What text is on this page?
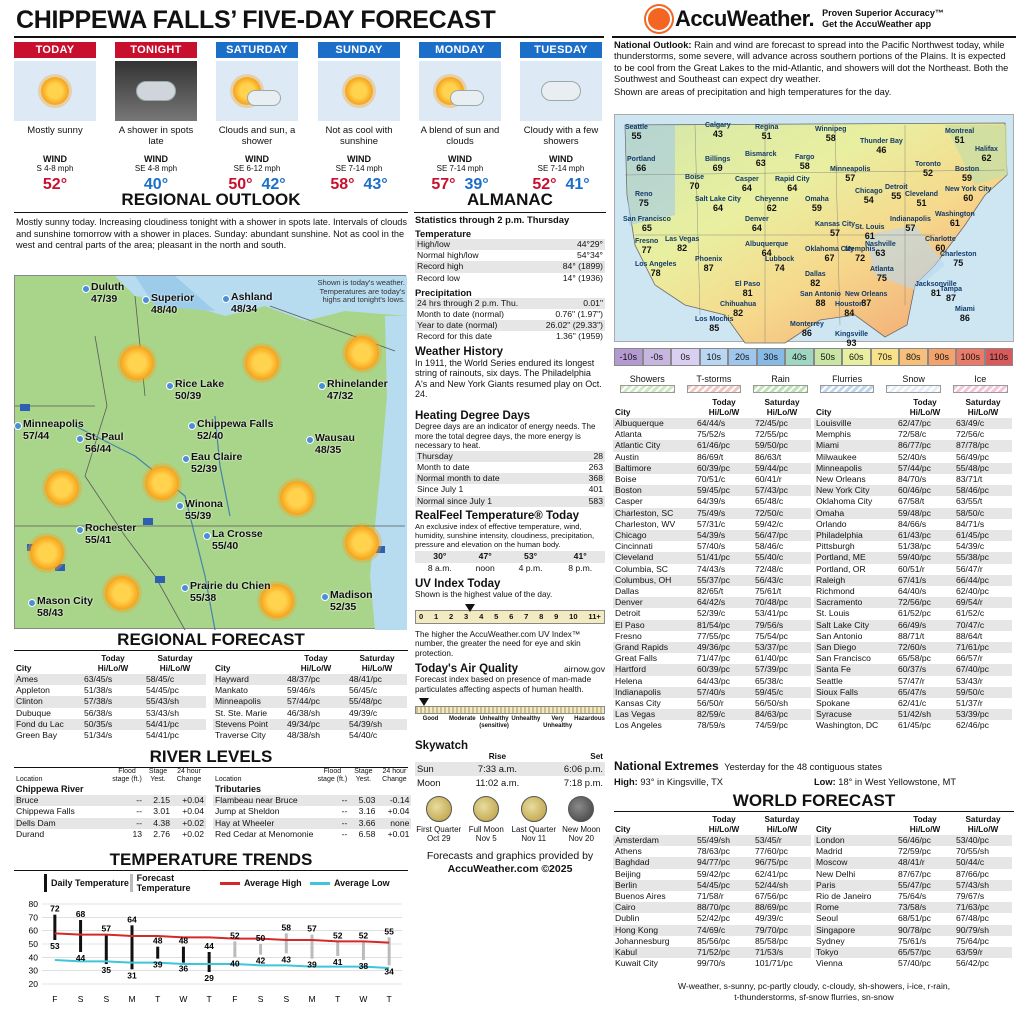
CHIPPEWA FALLS’ FIVE-DAY FORECAST	AccuWeather. Proven Superior Accuracy™
Get the AccuWeather app
TODAY
Mostly sunny
WIND
S 4-8 mph
52°
TONIGHT
A shower in spots late
WIND
SE 4-8 mph
40°
SATURDAY
Clouds and sun, a shower
WIND
SE 6-12 mph
50° 42°
SUNDAY
Not as cool with sunshine
WIND
SE 7-14 mph
58° 43°
MONDAY
A blend of sun and clouds
WIND
SE 7-14 mph
57° 39°
TUESDAY
Cloudy with a few showers
WIND
SE 7-14 mph
52° 41°
National Outlook: Rain and wind are forecast to spread into the Pacific Northwest today, while thunderstorms, some severe, will advance across southern portions of the Plains. It is expected to be cool from the Great Lakes to the mid-Atlantic, and showers will dot the Northeast. Both the Southwest and Southeast can expect dry weather.
Shown are areas of precipitation and high temperatures for the day.
Seattle
55
Calgary
43
Regina
51
Winnipeg
58	Thunder Bay
46
Montreal
51
Halifax
62
Portland
66
Billings
69
Bismarck
63
Fargo
58	Minneapolis
57
Toronto
52
Boise
70
Casper
64
Rapid City
64	Detroit
55
Boston
59
Reno
75	Salt Lake City
64
Cheyenne
62
Omaha
59
Chicago
54
Cleveland
51
New York City
60
San Francisco
65
Denver
64	Kansas City
57
St. Louis
61
Indianapolis
57
Washington
61
Fresno
77
Las Vegas
82	Albuquerque
64	Oklahoma City
67
Nashville
63
Charlotte
60
Los Angeles
78
Phoenix
87
El Paso
81
Dallas
82
Atlanta
75
Lubbock
74
New Orleans
87
Jacksonville
81
San Antonio
88	Houston
84	Miami
86
Chihuahua
82
Monterrey
86
Los Mochis
85
Tampa
87
Charleston
75
Kingsville
93
Memphis
72
-10s	-0s	0s	10s	20s	30s	40s	50s	60s	70s	80s	90s	100s	110s
Showers	T-storms	Rain	Flurries	Snow	Ice
REGIONAL OUTLOOK
Mostly sunny today. Increasing cloudiness tonight with a shower in spots late. Intervals of clouds and sunshine tomorrow with a shower in places. Sunday: abundant sunshine. Not as cool in the west and central parts of the area; pleasant in the north and south.
Shown is today's weather. Temperatures are today's highs and tonight's lows.
Duluth
47/39	Superior
48/40
Ashland
48/34
Rice Lake
50/39
Rhinelander
47/32
Minneapolis
57/44	St. Paul
56/44
Chippewa Falls
52/40
Eau Claire
52/39
Wausau
48/35
Winona
55/39
Rochester
55/41	La Crosse
55/40
Prairie du Chien
55/38
Mason City
58/43
Madison
52/35
REGIONAL FORECAST
	Today	Saturday
City	Hi/Lo/W	Hi/Lo/W
Ames	63/45/s	58/45/c
Appleton	51/38/s	54/45/pc
Clinton	57/38/s	55/43/sh
Dubuque	56/38/s	53/43/sh
Fond du Lac	50/35/s	54/41/pc
Green Bay	51/34/s	54/41/pc
	Today	Saturday
City	Hi/Lo/W	Hi/Lo/W
Hayward	48/37/pc	48/41/pc
Mankato	59/46/s	56/45/c
Minneapolis	57/44/pc	55/48/pc
St. Ste. Marie	46/38/sh	49/39/c
Stevens Point	49/34/pc	54/39/sh
Traverse City	48/38/sh	54/40/c
RIVER LEVELS
Location	Flood stage (ft.)	Stage Yest.	24 hour Change
Chippewa River			
Bruce	--	2.15	+0.04
Chippewa Falls	--	3.01	+0.04
Dells Dam	--	4.38	+0.02
Durand	13	2.76	+0.02
Location	Flood stage (ft.)	Stage Yest.	24 hour Change
Tributaries			
Flambeau near Bruce	--	5.03	-0.14
Jump at Sheldon	--	3.16	+0.04
Hay at Wheeler	--	3.66	none
Red Cedar at Menomonie	--	6.58	+0.01
TEMPERATURE TRENDS
Daily Temperature Forecast Temperature	Average High	Average Low
20
30
40
50
60
70
80 72
53
F
68
44
S
57
35
S
64
31
M
48
39
T
48
36
W
44
29
T
52
40
F
50
42
S
58
43
S
57
39
M
52
41
T
52
38
W
55
34
T
ALMANAC
Statistics through 2 p.m. Thursday
Temperature
High/low	44°29°
Normal high/low	54°34°
Record high	84° (1899)
Record low	14° (1936)
Precipitation
24 hrs through 2 p.m. Thu.	0.01"
Month to date (normal)	0.76" (1.97")
Year to date (normal)	26.02" (29.33")
Record for this date	1.36" (1959)
Weather History
In 1911, the World Series endured its longest string of rainouts, six days. The Philadelphia A's and New York Giants resumed play on Oct. 24.
Heating Degree Days
Degree days are an indicator of energy needs. The more the total degree days, the more energy is necessary to heat.
Thursday	28
Month to date	263
Normal month to date	368
Since July 1	401
Normal since July 1	583
RealFeel Temperature® Today
An exclusive index of effective temperature, wind, humidity, sunshine intensity, cloudiness, precipitation, pressure and elevation on the human body.
30°	47°	53°	41°
8 a.m.	noon	4 p.m.	8 p.m.
UV Index Today
Shown is the highest value of the day.
0 1 2 3 4 5 6 7 8 9 10 11+
The higher the AccuWeather.com UV Index™ number, the greater the need for eye and skin protection.
Today's Air Quality	airnow.gov
Forecast index based on presence of man-made particulates affecting aspects of human health.
Good	Moderate Unhealthy (sensitive)
Unhealthy	Very Unhealthy
Hazardous
Skywatch
	Rise	Set
Sun	7:33 a.m.	6:06 p.m.
Moon	11:02 a.m.	7:18 p.m.
First Quarter
Oct 29
Full Moon
Nov 5
Last Quarter
Nov 11
New Moon
Nov 20
Forecasts and graphics provided by
AccuWeather.com ©2025
	Today	Saturday
City	Hi/Lo/W	Hi/Lo/W
Albuquerque	64/44/s	72/45/pc
Atlanta	75/52/s	72/55/pc
Atlantic City	61/46/pc	59/50/pc
Austin	86/69/t	86/63/t
Baltimore	60/39/pc	59/44/pc
Boise	70/51/c	60/41/r
Boston	59/45/pc	57/43/pc
Casper	64/39/s	65/48/c
Charleston, SC	75/49/s	72/50/c
Charleston, WV	57/31/c	59/42/c
Chicago	54/39/s	56/47/pc
Cincinnati	57/40/s	58/46/c
Cleveland	51/41/pc	55/40/c
Columbia, SC	74/43/s	72/48/c
Columbus, OH	55/37/pc	56/43/c
Dallas	82/65/t	75/61/t
Denver	64/42/s	70/48/pc
Detroit	52/39/c	53/41/pc
El Paso	81/54/pc	79/56/s
Fresno	77/55/pc	75/54/pc
Grand Rapids	49/36/pc	53/37/pc
Great Falls	71/47/pc	61/40/pc
Hartford	60/39/pc	57/39/pc
Helena	64/43/pc	65/38/c
Indianapolis	57/40/s	59/45/c
Kansas City	56/50/r	56/50/sh
Las Vegas	82/59/c	84/63/pc
Los Angeles	78/59/s	74/59/pc
	Today	Saturday
City	Hi/Lo/W	Hi/Lo/W
Louisville	62/47/pc	63/49/c
Memphis	72/58/c	72/56/c
Miami	86/77/pc	87/78/pc
Milwaukee	52/40/s	56/49/pc
Minneapolis	57/44/pc	55/48/pc
New Orleans	84/70/s	83/71/t
New York City	60/46/pc	58/46/pc
Oklahoma City	67/58/t	63/55/t
Omaha	59/48/pc	58/50/c
Orlando	84/66/s	84/71/s
Philadelphia	61/43/pc	61/45/pc
Pittsburgh	51/38/pc	54/39/c
Portland, ME	59/40/pc	55/38/pc
Portland, OR	60/51/r	56/47/r
Raleigh	67/41/s	66/44/pc
Richmond	64/40/s	62/40/pc
Sacramento	72/56/pc	69/54/r
St. Louis	61/52/pc	61/52/c
Salt Lake City	66/49/s	70/47/c
San Antonio	88/71/t	88/64/t
San Diego	72/60/s	71/61/pc
San Francisco	65/58/pc	66/57/r
Santa Fe	60/37/s	67/40/pc
Seattle	57/47/r	53/43/r
Sioux Falls	65/47/s	59/50/c
Spokane	62/41/c	51/37/r
Syracuse	51/42/sh	53/39/pc
Washington, DC	61/45/pc	62/46/pc
National Extremes Yesterday for the 48 contiguous states
High: 93° in Kingsville, TX	Low: 18° in West Yellowstone, MT
WORLD FORECAST
	Today	Saturday
City	Hi/Lo/W	Hi/Lo/W
Amsterdam	55/49/sh	53/45/r
Athens	78/63/pc	77/60/pc
Baghdad	94/77/pc	96/75/pc
Beijing	59/42/pc	62/41/pc
Berlin	54/45/pc	52/44/sh
Buenos Aires	71/58/r	67/56/pc
Cairo	88/70/pc	88/69/pc
Dublin	52/42/pc	49/39/c
Hong Kong	74/69/c	79/70/pc
Johannesburg	85/56/pc	85/58/pc
Kabul	71/52/pc	71/53/s
Kuwait City	99/70/s	101/71/pc
	Today	Saturday
City	Hi/Lo/W	Hi/Lo/W
London	56/46/pc	53/40/pc
Madrid	72/59/pc	70/55/sh
Moscow	48/41/r	50/44/c
New Delhi	87/67/pc	87/66/pc
Paris	55/47/pc	57/43/sh
Rio de Janeiro	75/64/s	79/67/s
Rome	73/58/s	71/63/pc
Seoul	68/51/pc	67/48/pc
Singapore	90/78/pc	90/79/sh
Sydney	75/61/s	75/64/pc
Tokyo	65/57/pc	63/59/r
Vienna	57/40/pc	56/42/pc
W-weather, s-sunny, pc-partly cloudy, c-cloudy, sh-showers, i-ice, r-rain,
t-thunderstorms, sf-snow flurries, sn-snow
